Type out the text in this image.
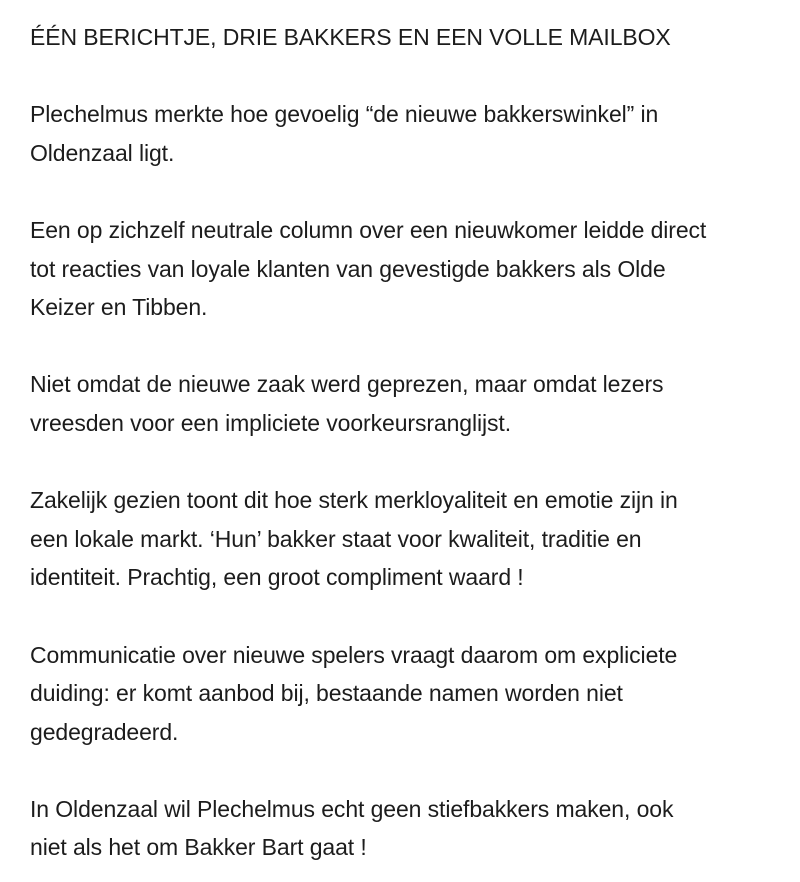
ÉÉN BERICHTJE, DRIE BAKKERS EN EEN VOLLE MAILBOX

Plechelmus merkte hoe gevoelig “de nieuwe bakkerswinkel” in
Oldenzaal ligt.

Een op zichzelf neutrale column over een nieuwkomer leidde direct
tot reacties van loyale klanten van gevestigde bakkers als Olde
Keizer en Tibben.

Niet omdat de nieuwe zaak werd geprezen, maar omdat lezers
vreesden voor een impliciete voorkeursranglijst.

Zakelijk gezien toont dit hoe sterk merkloyaliteit en emotie zijn in
een lokale markt. ‘Hun’ bakker staat voor kwaliteit, traditie en
identiteit. Prachtig, een groot compliment waard !

Communicatie over nieuwe spelers vraagt daarom om expliciete
duiding: er komt aanbod bij, bestaande namen worden niet
gedegradeerd.

In Oldenzaal wil Plechelmus echt geen stiefbakkers maken, ook
niet als het om Bakker Bart gaat !
